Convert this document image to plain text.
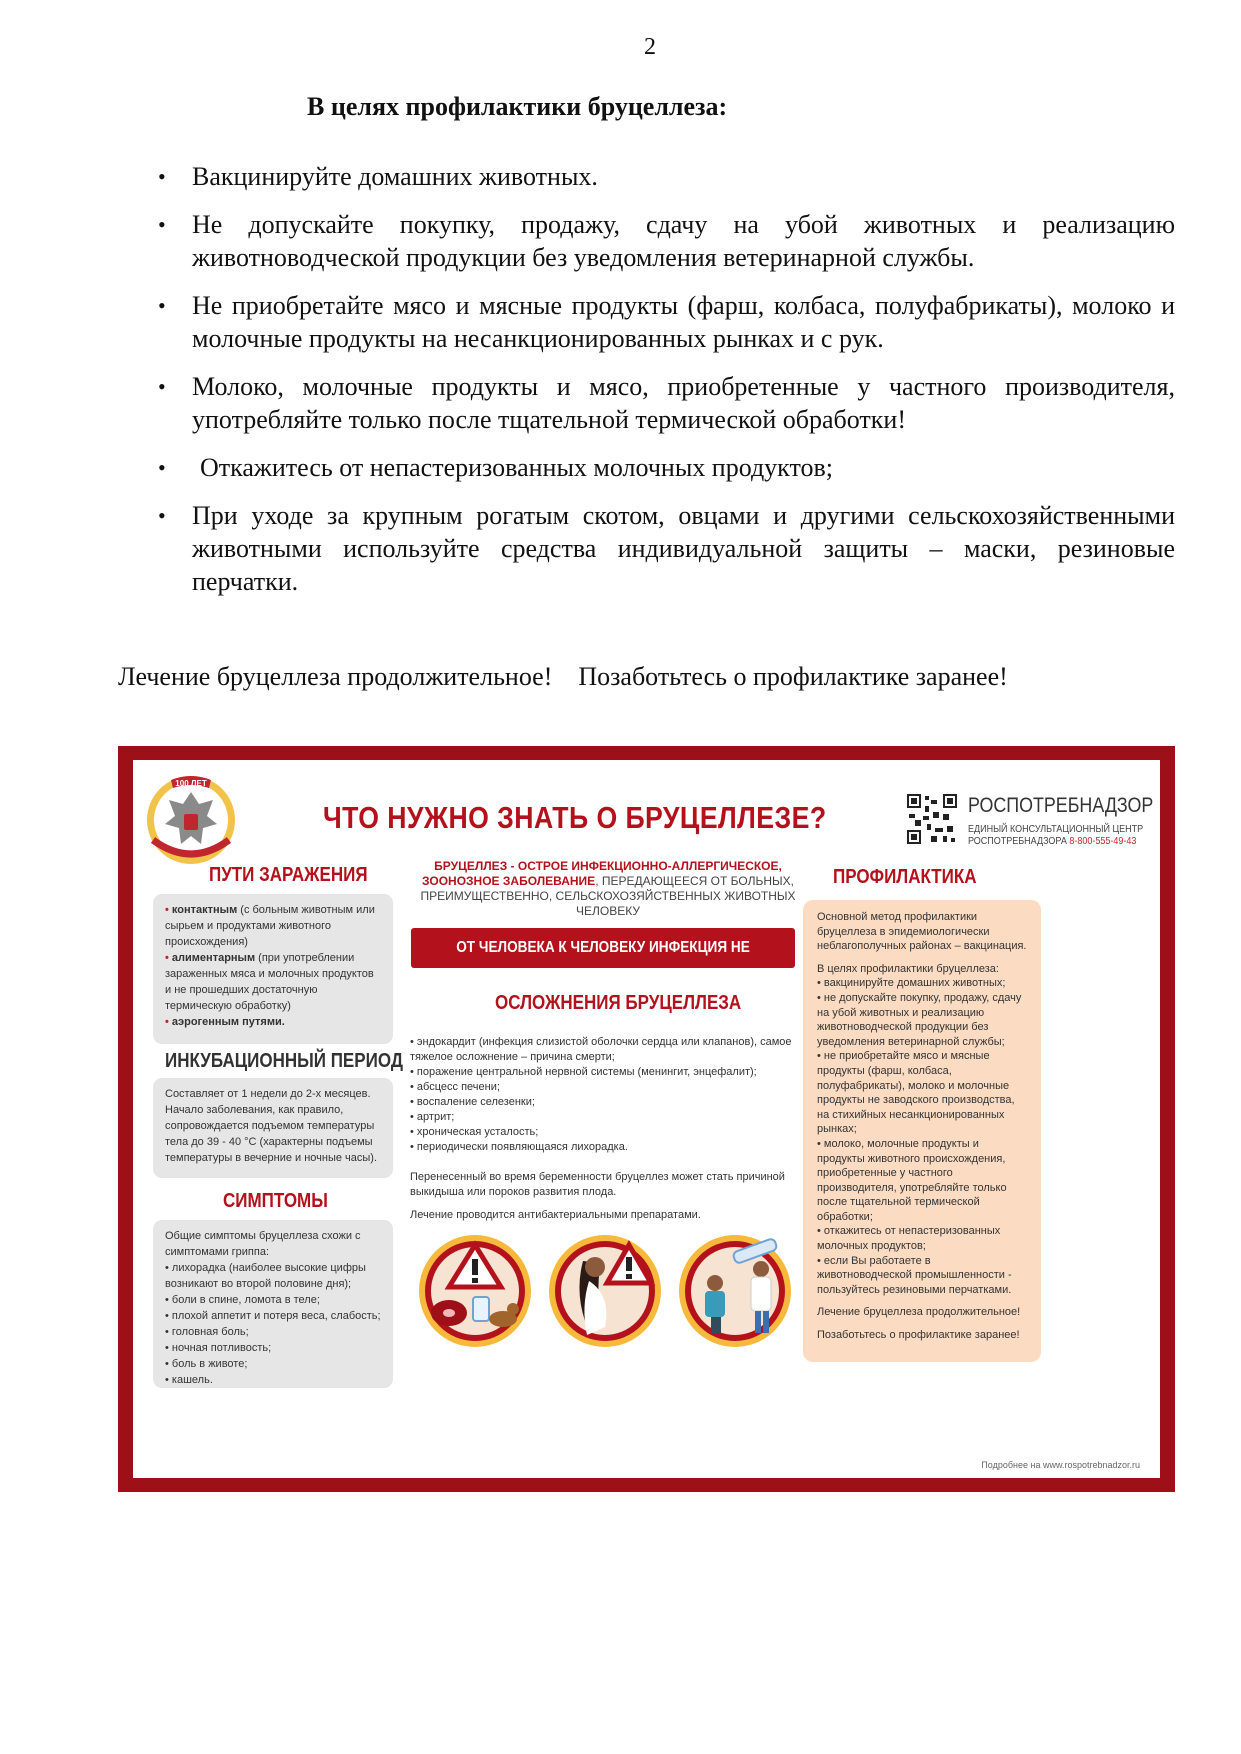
2
В целях профилактики бруцеллеза:
• Вакцинируйте домашних животных.
• Не допускайте покупку, продажу, сдачу на убой животных и реализацию животноводческой продукции без уведомления ветеринарной службы.
• Не приобретайте мясо и мясные продукты (фарш, колбаса, полуфабрикаты), молоко и молочные продукты на несанкционированных рынках и с рук.
• Молоко, молочные продукты и мясо, приобретенные у частного производителя, употребляйте только после тщательной термической обработки!
• Откажитесь от непастеризованных молочных продуктов;
• При уходе за крупным рогатым скотом, овцами и другими сельскохозяйственными животными используйте средства индивидуальной защиты – маски, резиновые перчатки.
Лечение бруцеллеза продолжительное!    Позаботьтесь о профилактике заранее!
100 ЛЕТ
ЧТО НУЖНО ЗНАТЬ О БРУЦЕЛЛЕЗЕ?	РОСПОТРЕБНАДЗОР
ЕДИНЫЙ КОНСУЛЬТАЦИОННЫЙ ЦЕНТР
РОСПОТРЕБНАДЗОРА 8-800-555-49-43
ПУТИ ЗАРАЖЕНИЯ
• контактным (с больным животным или сырьем и продуктами животного происхождения)
• алиментарным (при употреблении зараженных мяса и молочных продуктов и не прошедших достаточную термическую обработку)
• аэрогенным путями.
ИНКУБАЦИОННЫЙ ПЕРИОД
Составляет от 1 недели до 2-х месяцев. Начало заболевания, как правило, сопровождается подъемом температуры тела до 39 - 40 °С (характерны подъемы температуры в вечерние и ночные часы).
СИМПТОМЫ
Общие симптомы бруцеллеза схожи с симптомами гриппа:
• лихорадка (наиболее высокие цифры возникают во второй половине дня);
• боли в спине, ломота в теле;
• плохой аппетит и потеря веса, слабость;
• головная боль;
• ночная потливость;
• боль в животе;
• кашель.
БРУЦЕЛЛЕЗ - ОСТРОЕ ИНФЕКЦИОННО-АЛЛЕРГИЧЕСКОЕ, ЗООНОЗНОЕ ЗАБОЛЕВАНИЕ, ПЕРЕДАЮЩЕЕСЯ ОТ БОЛЬНЫХ, ПРЕИМУЩЕСТВЕННО, СЕЛЬСКОХОЗЯЙСТВЕННЫХ ЖИВОТНЫХ ЧЕЛОВЕКУ
ОТ ЧЕЛОВЕКА К ЧЕЛОВЕКУ ИНФЕКЦИЯ НЕ ПЕРЕДАЁТСЯ
ОСЛОЖНЕНИЯ БРУЦЕЛЛЕЗА
• эндокардит (инфекция слизистой оболочки сердца или клапанов), самое тяжелое осложнение – причина смерти;
• поражение центральной нервной системы (менингит, энцефалит);
• абсцесс печени;
• воспаление селезенки;
• артрит;
• хроническая усталость;
• периодически появляющаяся лихорадка.
Перенесенный во время беременности бруцеллез может стать причиной выкидыша или пороков развития плода.
Лечение проводится антибактериальными препаратами.
ПРОФИЛАКТИКА

Основной метод профилактики бруцеллеза в эпидемиологически неблагополучных районах – вакцинация.

В целях профилактики бруцеллеза:

• вакцинируйте домашних животных;
• не допускайте покупку, продажу, сдачу на убой животных и реализацию животноводческой продукции без уведомления ветеринарной службы;
• не приобретайте мясо и мясные продукты (фарш, колбаса, полуфабрикаты), молоко и молочные продукты не заводского производства, на стихийных несанкционированных рынках;
• молоко, молочные продукты и продукты животного происхождения, приобретенные у частного производителя, употребляйте только после тщательной термической обработки;
• откажитесь от непастеризованных молочных продуктов;
• если Вы работаете в животноводческой промышленности - пользуйтесь резиновыми перчатками.

Лечение бруцеллеза продолжительное!

Позаботьтесь о профилактике заранее!

Подробнее на www.rospotrebnadzor.ru
